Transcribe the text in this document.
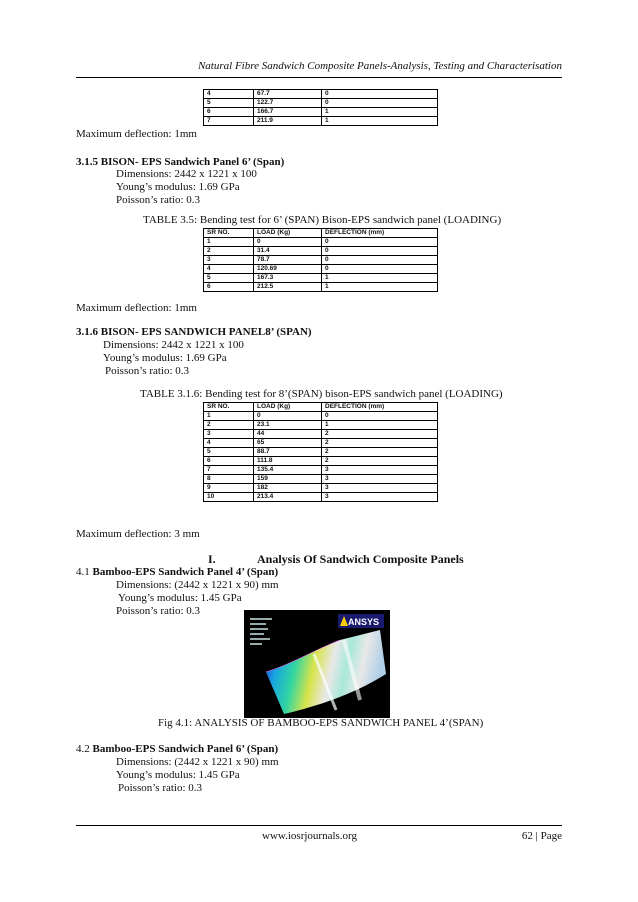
Natural Fibre Sandwich Composite Panels-Analysis, Testing and Characterisation
4	67.7	0
5	122.7	0
6	166.7	1
7	211.9	1
Maximum deflection: 1mm
3.1.5 BISON- EPS Sandwich Panel 6’ (Span)
Dimensions: 2442 x 1221 x 100
Young’s modulus: 1.69 GPa
Poisson’s ratio: 0.3
TABLE 3.5: Bending test for 6’ (SPAN) Bison-EPS sandwich panel (LOADING)
SR NO.	LOAD (Kg)	DEFLECTION (mm)
1	0	0
2	31.4	0
3	78.7	0
4	120.69	0
5	167.3	1
6	212.5	1
Maximum deflection: 1mm
3.1.6 BISON- EPS SANDWICH PANEL8’ (SPAN)
Dimensions: 2442 x 1221 x 100
Young’s modulus: 1.69 GPa
Poisson’s ratio: 0.3
TABLE 3.1.6: Bending test for 8’(SPAN) bison-EPS sandwich panel (LOADING)
SR NO.	LOAD (Kg)	DEFLECTION (mm)
1	0	0
2	23.1	1
3	44	2
4	65	2
5	88.7	2
6	111.8	2
7	135.4	3
8	159	3
9	182	3
10	213.4	3
Maximum deflection: 3 mm
I.	Analysis Of Sandwich Composite Panels
4.1 Bamboo-EPS Sandwich Panel 4’ (Span)
Dimensions: (2442 x 1221 x 90) mm
Young’s modulus: 1.45 GPa
Poisson’s ratio: 0.3
ANSYS
Fig 4.1: ANALYSIS OF BAMBOO-EPS SANDWICH PANEL 4’(SPAN)
4.2 Bamboo-EPS Sandwich Panel 6’ (Span)
Dimensions: (2442 x 1221 x 90) mm
Young’s modulus: 1.45 GPa
Poisson’s ratio: 0.3
www.iosrjournals.org	62 | Page
